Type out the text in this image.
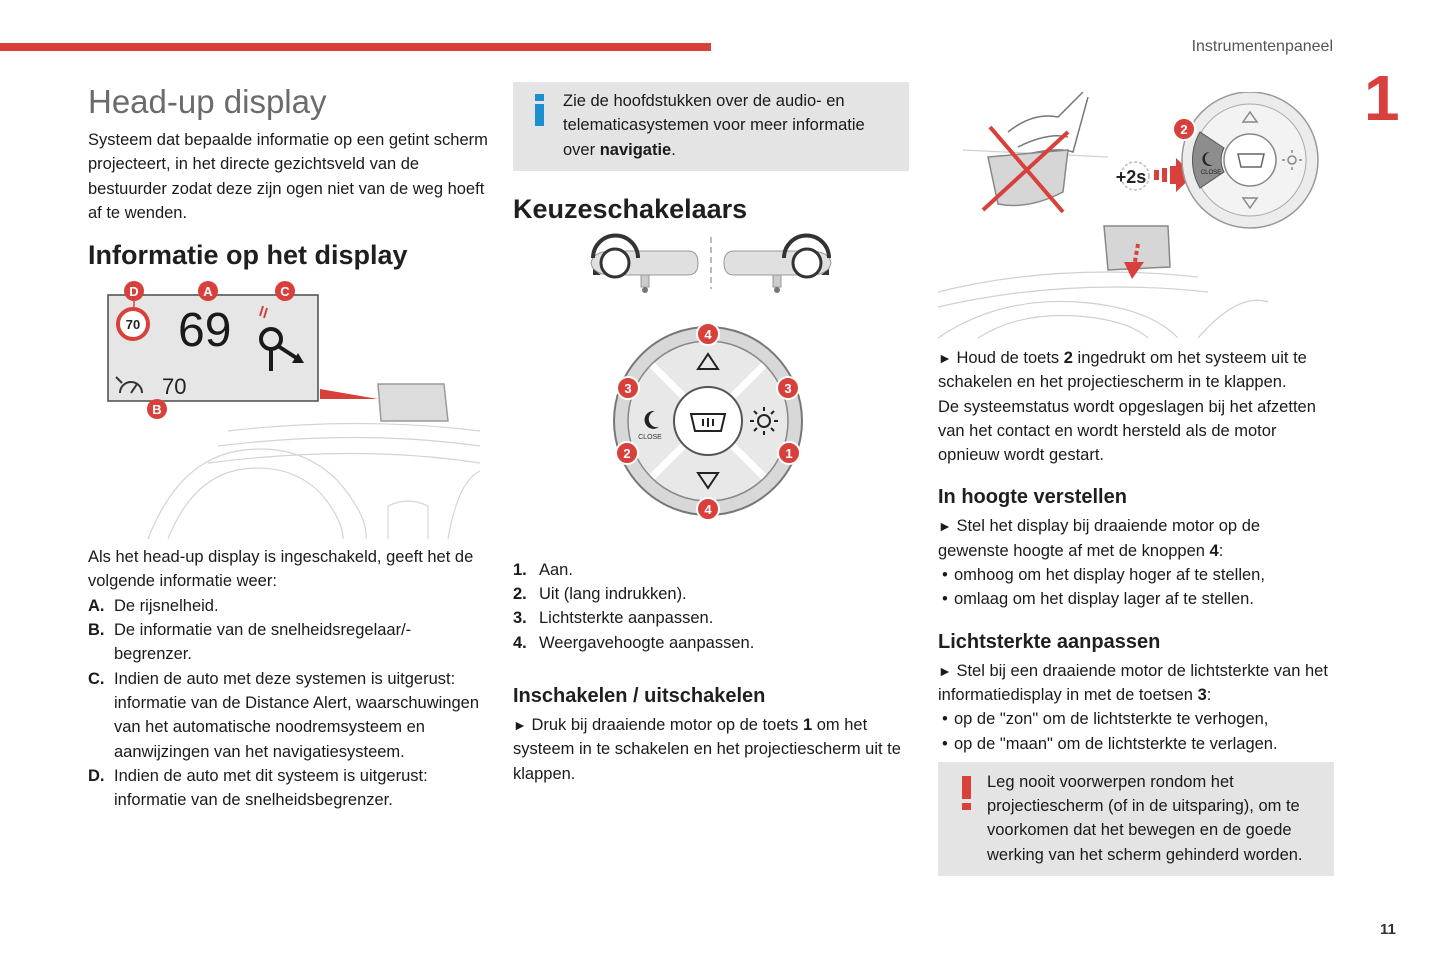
Instrumentenpaneel
1
11
Head-up display

Systeem dat bepaalde informatie op een getint scherm projecteert, in het directe gezichtsveld van de bestuurder zodat deze zijn ogen niet van de weg hoeft af te wenden.

Informatie op het display
70 69
70
D	A	C
B

Als het head-up display is ingeschakeld, geeft het de volgende informatie weer:

A. De rijsnelheid.
B. De informatie van de snelheidsregelaar/-begrenzer.
C. Indien de auto met deze systemen is uitgerust: informatie van de Distance Alert, waarschuwingen van het automatische noodremsysteem en aanwijzingen van het navigatiesysteem.
D. Indien de auto met dit systeem is uitgerust: informatie van de snelheidsbegrenzer.
Zie de hoofdstukken over de audio- en telematicasystemen voor meer informatie over navigatie.
Keuzeschakelaars
CLOSE
4
4
3	3
2	1
1. Aan.
2. Uit (lang indrukken).
3. Lichtsterkte aanpassen.
4. Weergavehoogte aanpassen.
Inschakelen / uitschakelen

► Druk bij draaiende motor op de toets 1 om het systeem in te schakelen en het projectiescherm uit te klappen.

+2s	CLOSE
2

► Houd de toets 2 ingedrukt om het systeem uit te schakelen en het projectiescherm in te klappen.

De systeemstatus wordt opgeslagen bij het afzetten van het contact en wordt hersteld als de motor opnieuw wordt gestart.

In hoogte verstellen

► Stel het display bij draaiende motor op de gewenste hoogte af met de knoppen 4:

• omhoog om het display hoger af te stellen,
• omlaag om het display lager af te stellen.
Lichtsterkte aanpassen

► Stel bij een draaiende motor de lichtsterkte van het informatiedisplay in met de toetsen 3:

• op de "zon" om de lichtsterkte te verhogen,
• op de "maan" om de lichtsterkte te verlagen.
Leg nooit voorwerpen rondom het projectiescherm (of in de uitsparing), om te voorkomen dat het bewegen en de goede werking van het scherm gehinderd worden.
